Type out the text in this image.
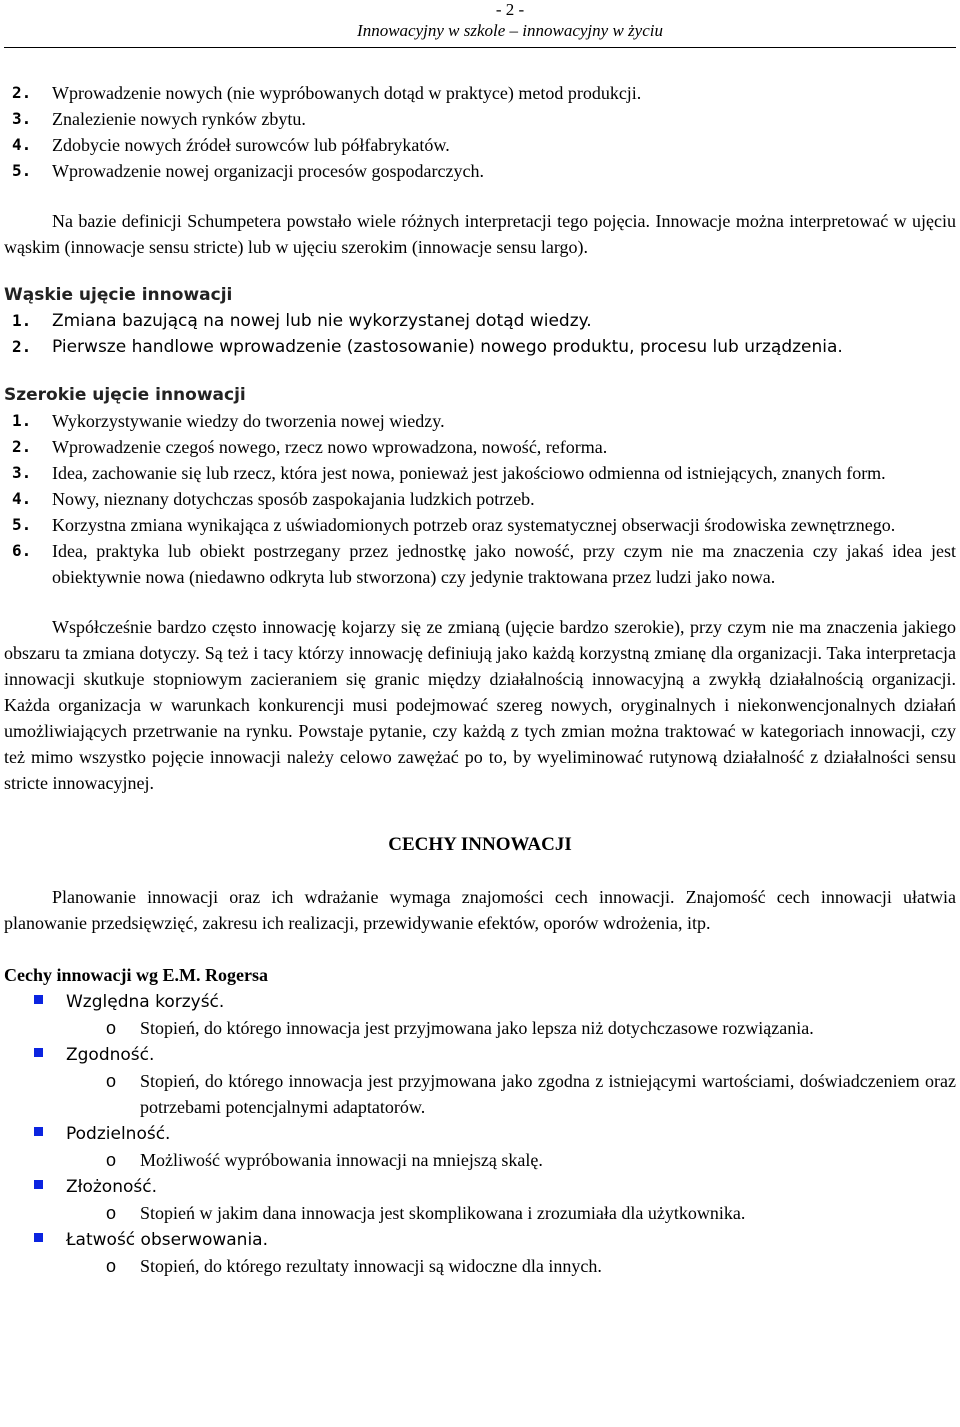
- 2 -
Innowacyjny w szkole – innowacyjny w życiu
2. Wprowadzenie nowych (nie wypróbowanych dotąd w praktyce) metod produkcji.
3. Znalezienie nowych rynków zbytu.
4. Zdobycie nowych źródeł surowców lub półfabrykatów.
5. Wprowadzenie nowej organizacji procesów gospodarczych.

Na bazie definicji Schumpetera powstało wiele różnych interpretacji tego pojęcia. Innowacje można interpretować w ujęciu wąskim (innowacje sensu stricte) lub w ujęciu szerokim (innowacje sensu largo).

Wąskie ujęcie innowacji
1. Zmiana bazującą na nowej lub nie wykorzystanej dotąd wiedzy.
2. Pierwsze handlowe wprowadzenie (zastosowanie) nowego produktu, procesu lub urządzenia.
Szerokie ujęcie innowacji
1. Wykorzystywanie wiedzy do tworzenia nowej wiedzy.
2. Wprowadzenie czegoś nowego, rzecz nowo wprowadzona, nowość, reforma.
3. Idea, zachowanie się lub rzecz, która jest nowa, ponieważ jest jakościowo odmienna od istniejących, znanych form.
4. Nowy, nieznany dotychczas sposób zaspokajania ludzkich potrzeb.
5. Korzystna zmiana wynikająca z uświadomionych potrzeb oraz systematycznej obserwacji środowiska zewnętrznego.
6. Idea, praktyka lub obiekt postrzegany przez jednostkę jako nowość, przy czym nie ma znaczenia czy jakaś idea jest obiektywnie nowa (niedawno odkryta lub stworzona) czy jedynie traktowana przez ludzi jako nowa.

Współcześnie bardzo często innowację kojarzy się ze zmianą (ujęcie bardzo szerokie), przy czym nie ma znaczenia jakiego obszaru ta zmiana dotyczy. Są też i tacy którzy innowację definiują jako każdą korzystną zmianę dla organizacji. Taka interpretacja innowacji skutkuje stopniowym zacieraniem się granic między działalnością innowacyjną a zwykłą działalnością organizacji. Każda organizacja w warunkach konkurencji musi podejmować szereg nowych, oryginalnych i niekonwencjonalnych działań umożliwiających przetrwanie na rynku. Powstaje pytanie, czy każdą z tych zmian można traktować w kategoriach innowacji, czy też mimo wszystko pojęcie innowacji należy celowo zawężać po to, by wyeliminować rutynową działalność z działalności sensu stricte innowacyjnej.

CECHY INNOWACJI

Planowanie innowacji oraz ich wdrażanie wymaga znajomości cech innowacji. Znajomość cech innowacji ułatwia planowanie przedsięwzięć, zakresu ich realizacji, przewidywanie efektów, oporów wdrożenia, itp.

Cechy innowacji wg E.M. Rogersa
Względna korzyść.
o Stopień, do którego innowacja jest przyjmowana jako lepsza niż dotychczasowe rozwiązania.
Zgodność.
o Stopień, do którego innowacja jest przyjmowana jako zgodna z istniejącymi wartościami, doświadczeniem oraz potrzebami potencjalnymi adaptatorów.
Podzielność.
o Możliwość wypróbowania innowacji na mniejszą skalę.
Złożoność.
o Stopień w jakim dana innowacja jest skomplikowana i zrozumiała dla użytkownika.
Łatwość obserwowania.
o Stopień, do którego rezultaty innowacji są widoczne dla innych.
